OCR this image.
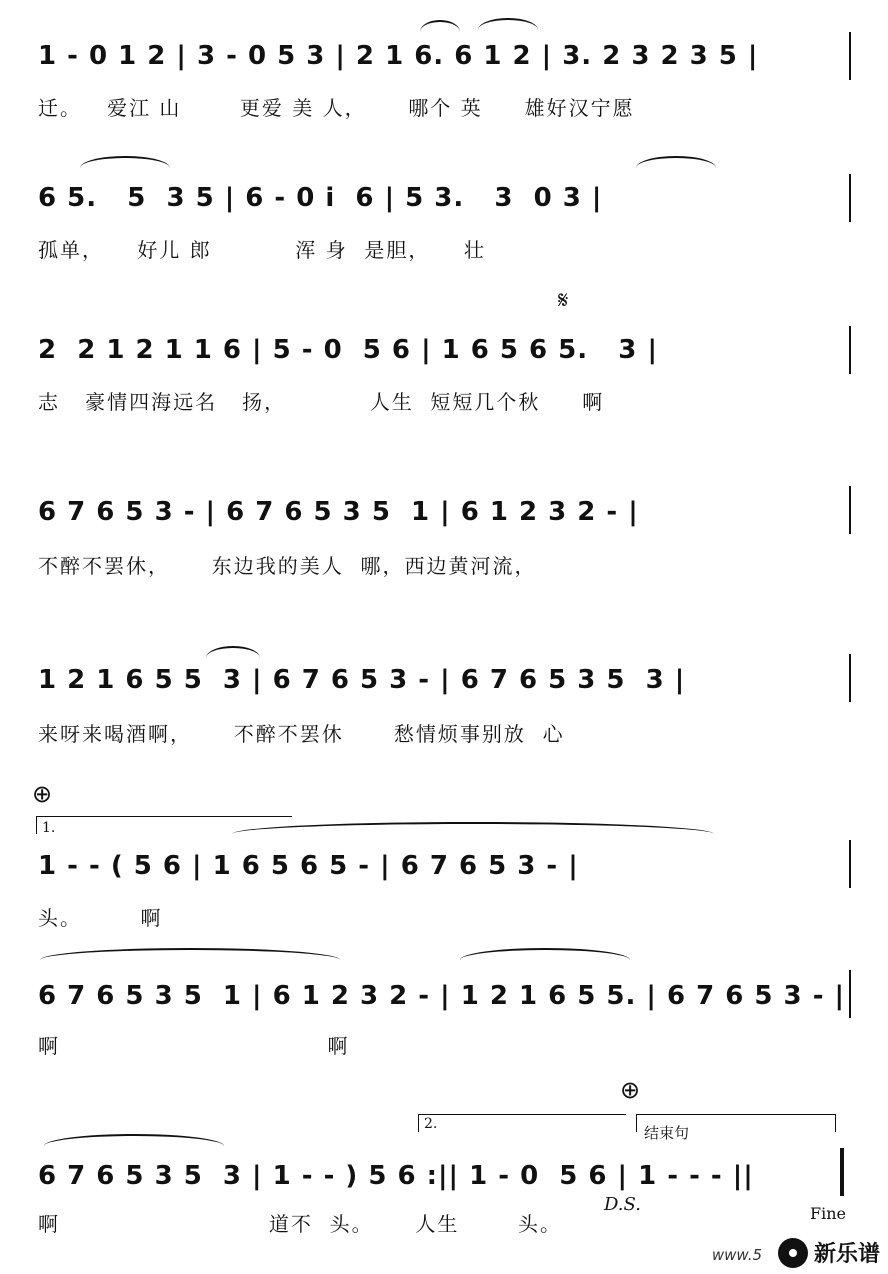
1 - 0 1 2 | 3 - 0 5 3 | 2 1 6. 6 1 2 | 3. 2 3 2 3 5 |
迁。   爱江 山       更爱 美 人，     哪个 英     雄好汉宁愿
6 5.   5  3 5 | 6 - 0 i  6 | 5 3.   3  0 3 |
孤单，    好儿 郎          浑 身  是胆，    壮
𝄋
2  2 1 2 1 1 6 | 5 - 0  5 6 | 1 6 5 6 5.   3 |
志   豪情四海远名   扬，          人生  短短几个秋     啊
6 7 6 5 3 - | 6 7 6 5 3 5  1 | 6 1 2 3 2 - |
不醉不罢休，     东边我的美人  哪，西边黄河流，
1 2 1 6 5 5  3 | 6 7 6 5 3 - | 6 7 6 5 3 5  3 |
来呀来喝酒啊，     不醉不罢休      愁情烦事别放  心
⊕
1.
1 - - ( 5 6 | 1 6 5 6 5 - | 6 7 6 5 3 - |
头。       啊
6 7 6 5 3 5  1 | 6 1 2 3 2 - | 1 2 1 6 5 5. | 6 7 6 5 3 - |
啊                                啊
⊕
2.	结束句
6 7 6 5 3 5  3 | 1 - - ) 5 6 :|| 1 - 0  5 6 | 1 - - - ||
啊                         道不  头。     人生       头。
D.S.	Fine
www.5 新乐谱
